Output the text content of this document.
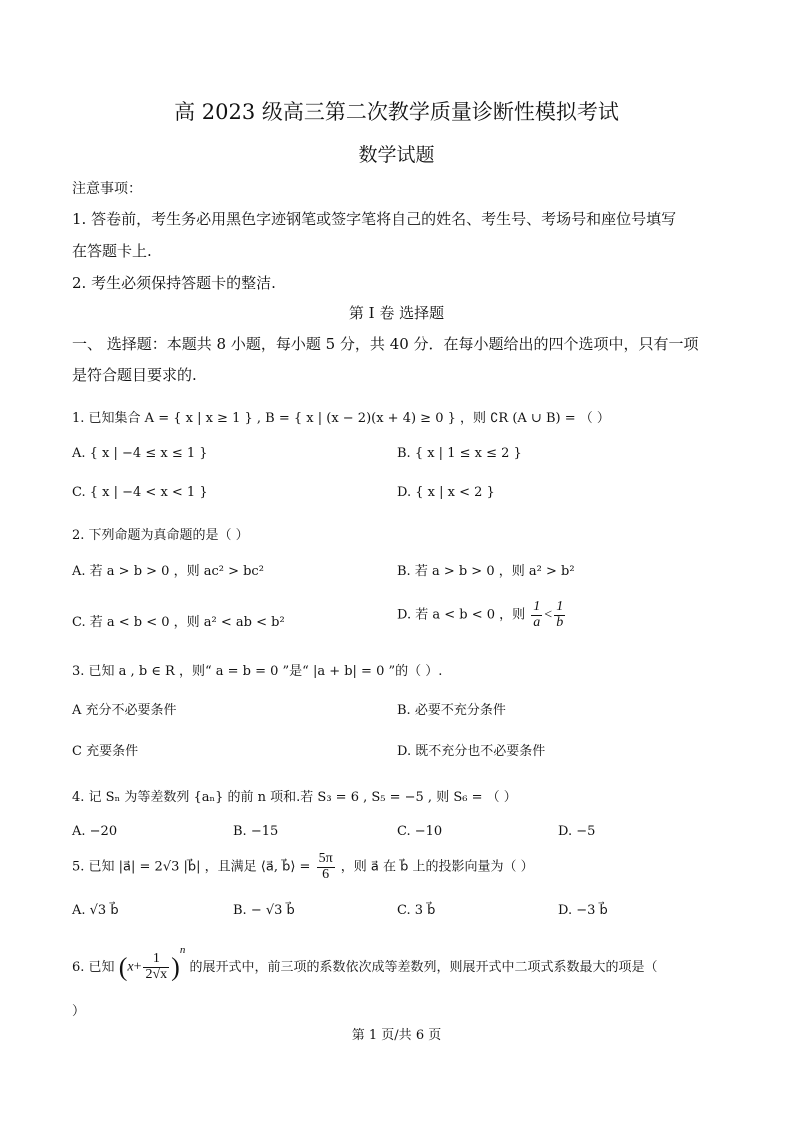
高 2023 级高三第二次教学质量诊断性模拟考试
数学试题
注意事项：
1. 答卷前，考生务必用黑色字迹钢笔或签字笔将自己的姓名、考生号、考场号和座位号填写
在答题卡上.
2. 考生必须保持答题卡的整洁.
第 I 卷 选择题
一、 选择题：本题共 8 小题，每小题 5 分，共 40 分．在每小题给出的四个选项中，只有一项
是符合题目要求的.
1. 已知集合 A = { x | x ≥ 1 } , B = { x | (x − 2)(x + 4) ≥ 0 } ，则 ∁R (A ∪ B) = （ ）
A. { x | −4 ≤ x ≤ 1 }	B. { x | 1 ≤ x ≤ 2 }
C. { x | −4 < x < 1 }	D. { x | x < 2 }
2. 下列命题为真命题的是（ ）
A. 若 a > b > 0 ，则 ac² > bc²	B. 若 a > b > 0 ，则 a² > b²
C. 若 a < b < 0 ，则 a² < ab < b²	D. 若 a < b < 0 ，则 $\frac{1}{a} < \frac{1}{b}$
3. 已知 a , b ∈ R ，则“ a = b = 0 ”是“ |a + b| = 0 ”的（ ）.
A 充分不必要条件	B. 必要不充分条件
C 充要条件	D. 既不充分也不必要条件
4. 记 Sₙ 为等差数列 {aₙ} 的前 n 项和.若 S₃ = 6 , S₅ = −5 , 则 S₆ = （ ）
A. −20	B. −15	C. −10	D. −5
5. 已知 |a⃗| = 2√3 |b⃗| ，且满足 ⟨a⃗, b⃗⟩ = $\frac{5\pi}{6}$ ，则 a⃗ 在 b⃗ 上的投影向量为（ ）
A. √3 b⃗	B. − √3 b⃗	C. 3 b⃗	D. −3 b⃗
6. 已知 $(x+ \frac{1}{2√x} )^n$ 的展开式中，前三项的系数依次成等差数列，则展开式中二项式系数最大的项是（
）
第 1 页/共 6 页
